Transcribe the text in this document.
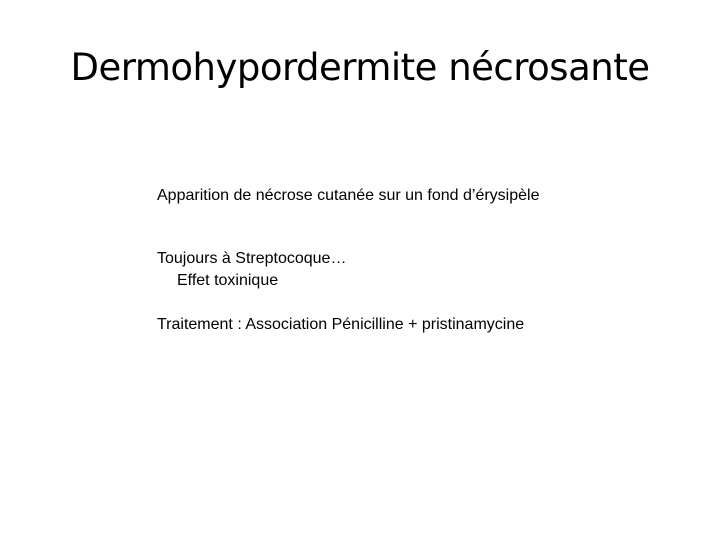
Dermohypordermite nécrosante
Apparition de nécrose cutanée sur un fond d’érysipèle
Toujours à Streptocoque…
Effet toxinique
Traitement : Association Pénicilline + pristinamycine
